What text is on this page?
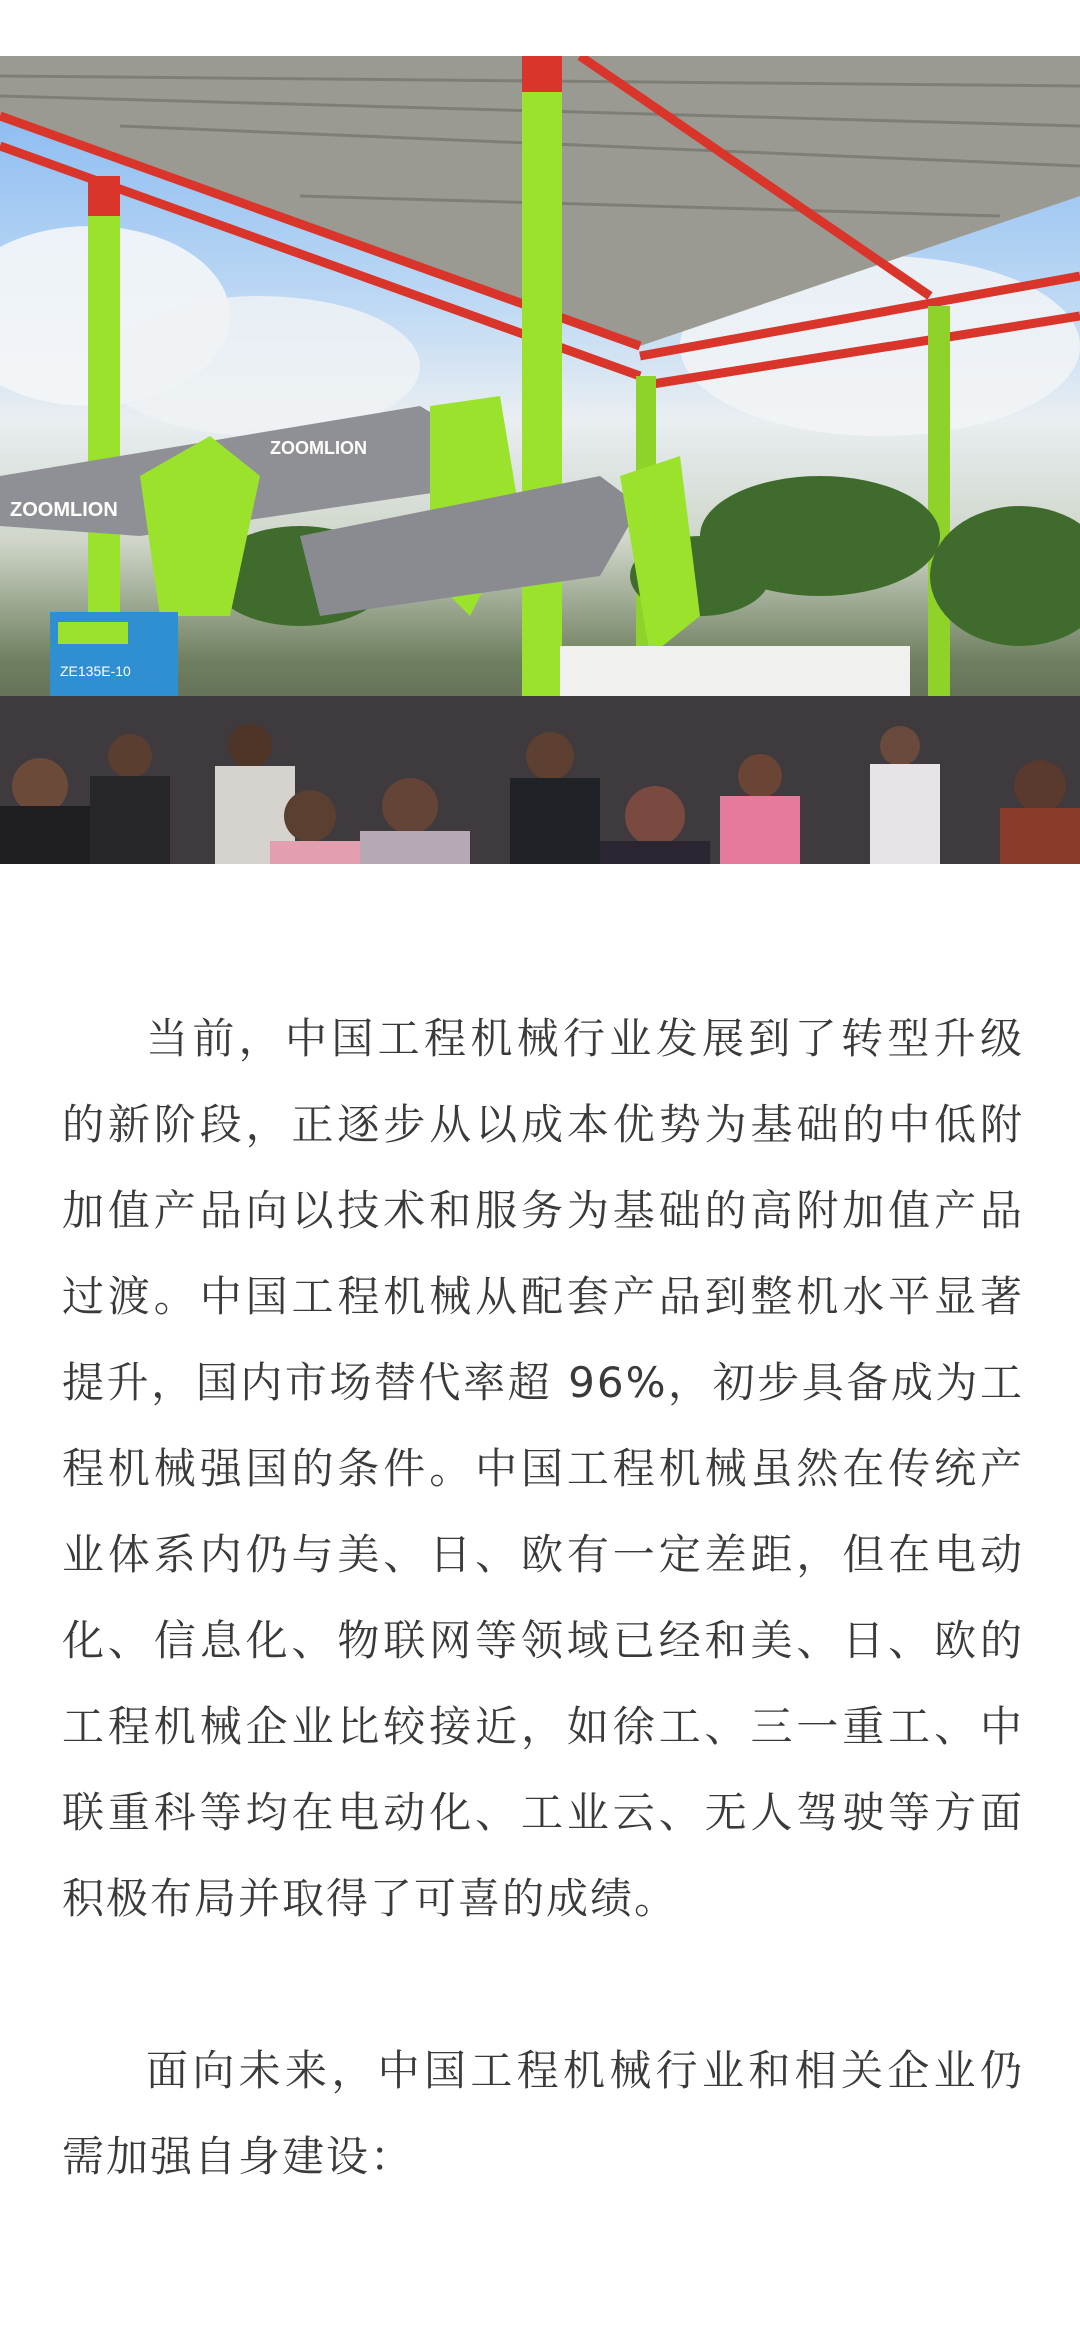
ZOOMLION
ZOOMLION
ZE135E-10

当前，中国工程机械行业发展到了转型升级的新阶段，正逐步从以成本优势为基础的中低附加值产品向以技术和服务为基础的高附加值产品过渡。中国工程机械从配套产品到整机水平显著提升，国内市场替代率超 96%，初步具备成为工程机械强国的条件。中国工程机械虽然在传统产业体系内仍与美、日、欧有一定差距，但在电动化、信息化、物联网等领域已经和美、日、欧的工程机械企业比较接近，如徐工、三一重工、中联重科等均在电动化、工业云、无人驾驶等方面积极布局并取得了可喜的成绩。

面向未来，中国工程机械行业和相关企业仍需加强自身建设：
